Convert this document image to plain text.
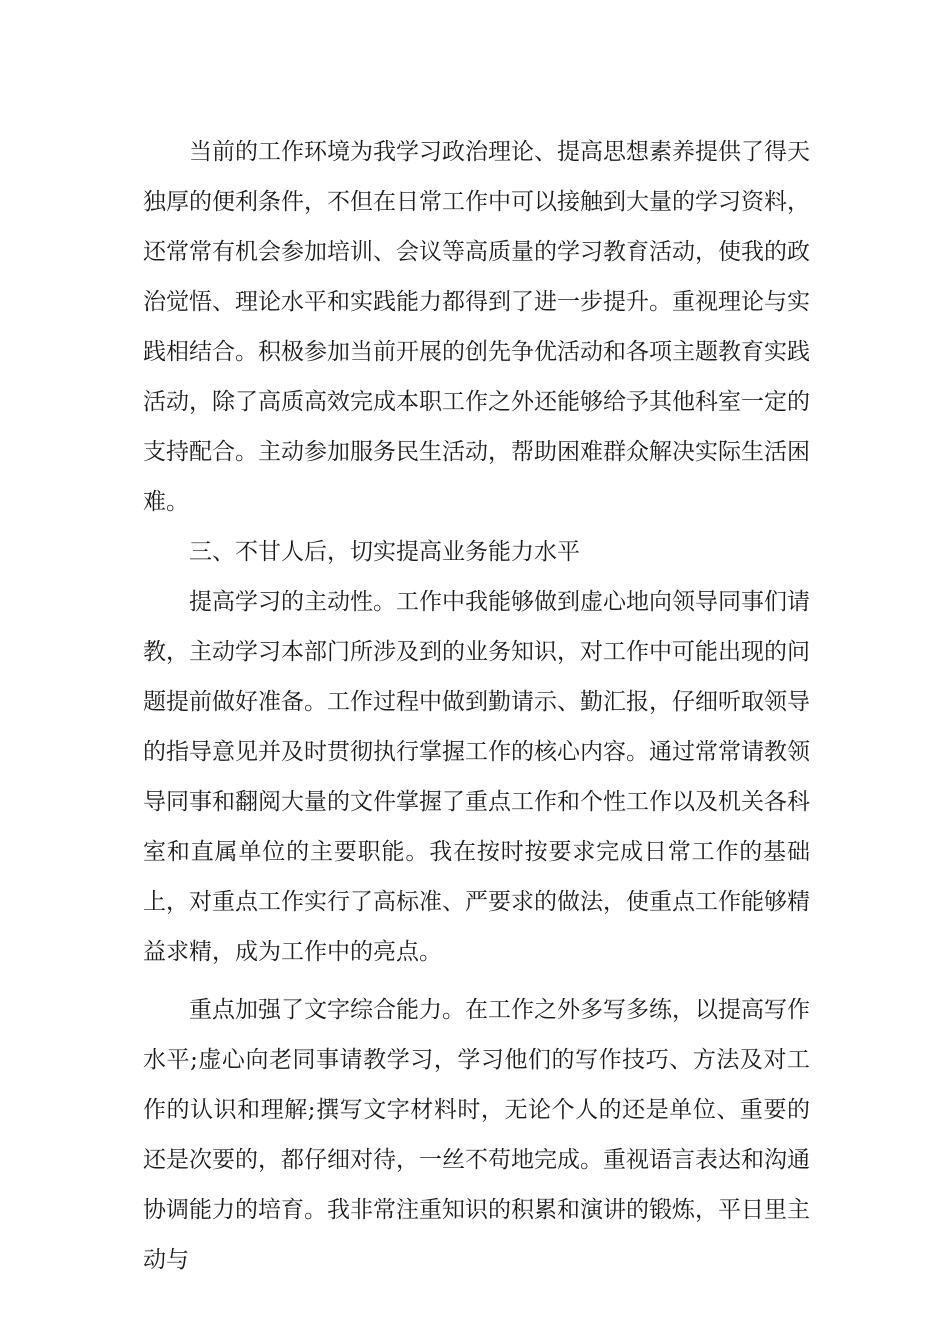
当前的工作环境为我学习政治理论、提高思想素养提供了得天独厚的便利条件，不但在日常工作中可以接触到大量的学习资料，还常常有机会参加培训、会议等高质量的学习教育活动，使我的政治觉悟、理论水平和实践能力都得到了进一步提升。重视理论与实践相结合。积极参加当前开展的创先争优活动和各项主题教育实践活动，除了高质高效完成本职工作之外还能够给予其他科室一定的支持配合。主动参加服务民生活动，帮助困难群众解决实际生活困难。

三、不甘人后，切实提高业务能力水平

提高学习的主动性。工作中我能够做到虚心地向领导同事们请教，主动学习本部门所涉及到的业务知识，对工作中可能出现的问题提前做好准备。工作过程中做到勤请示、勤汇报，仔细听取领导的指导意见并及时贯彻执行掌握工作的核心内容。通过常常请教领导同事和翻阅大量的文件掌握了重点工作和个性工作以及机关各科室和直属单位的主要职能。我在按时按要求完成日常工作的基础上，对重点工作实行了高标准、严要求的做法，使重点工作能够精益求精，成为工作中的亮点。

重点加强了文字综合能力。在工作之外多写多练，以提高写作水平;虚心向老同事请教学习，学习他们的写作技巧、方法及对工作的认识和理解;撰写文字材料时，无论个人的还是单位、重要的还是次要的，都仔细对待，一丝不苟地完成。重视语言表达和沟通协调能力的培育。我非常注重知识的积累和演讲的锻炼，平日里主动与
